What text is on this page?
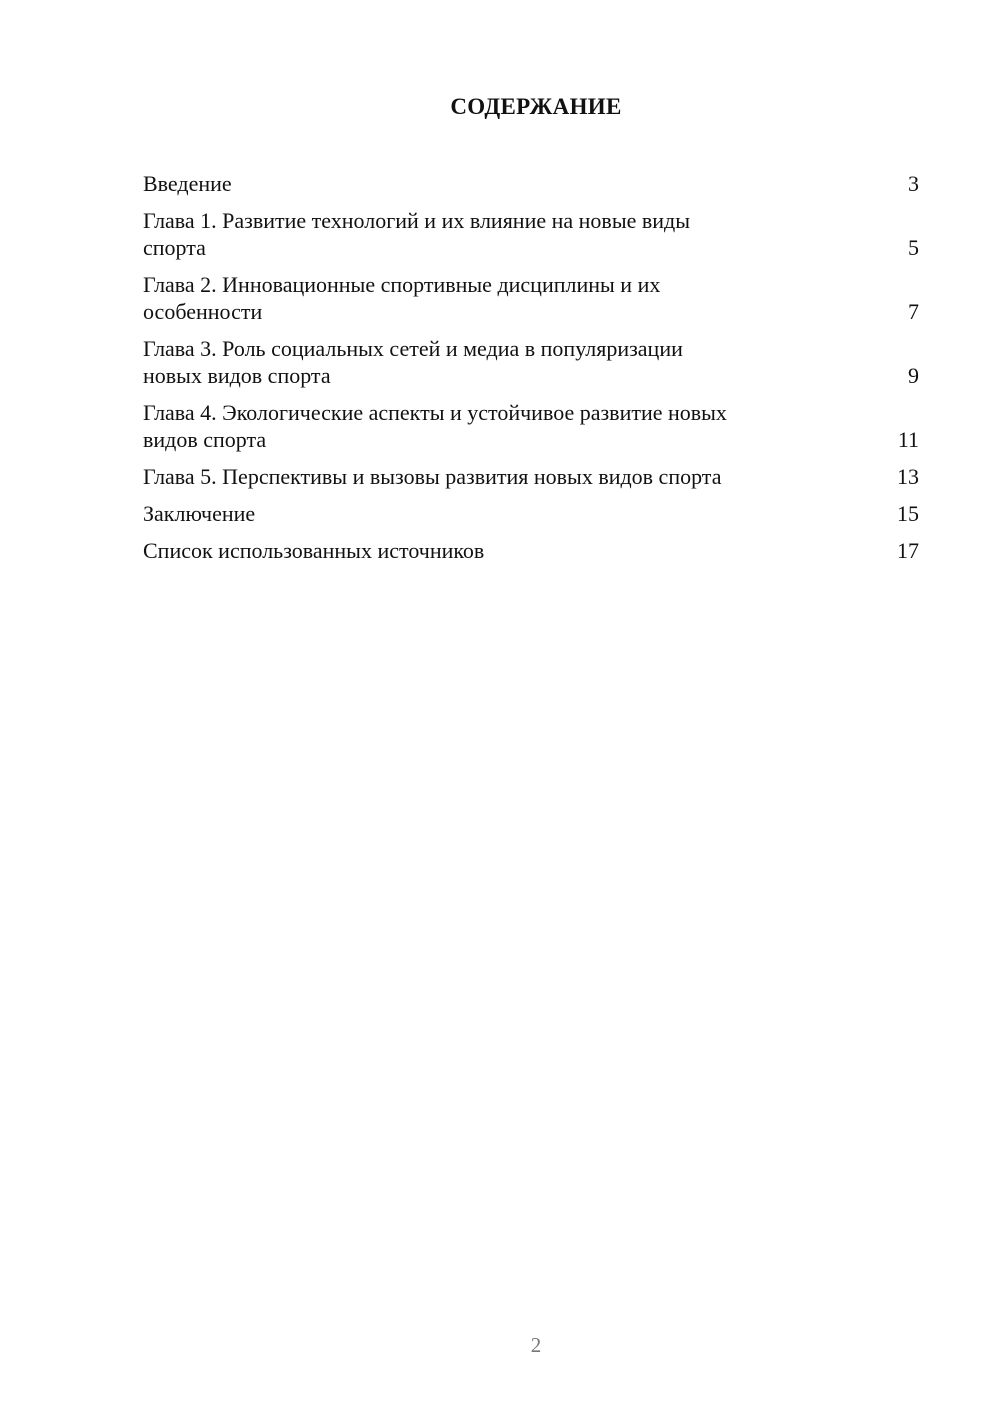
СОДЕРЖАНИЕ
Введение	3
Глава 1. Развитие технологий и их влияние на новые виды
спорта	5
Глава 2. Инновационные спортивные дисциплины и их
особенности	7
Глава 3. Роль социальных сетей и медиа в популяризации
новых видов спорта	9
Глава 4. Экологические аспекты и устойчивое развитие новых
видов спорта	11
Глава 5. Перспективы и вызовы развития новых видов спорта	13
Заключение	15
Список использованных источников	17
2
